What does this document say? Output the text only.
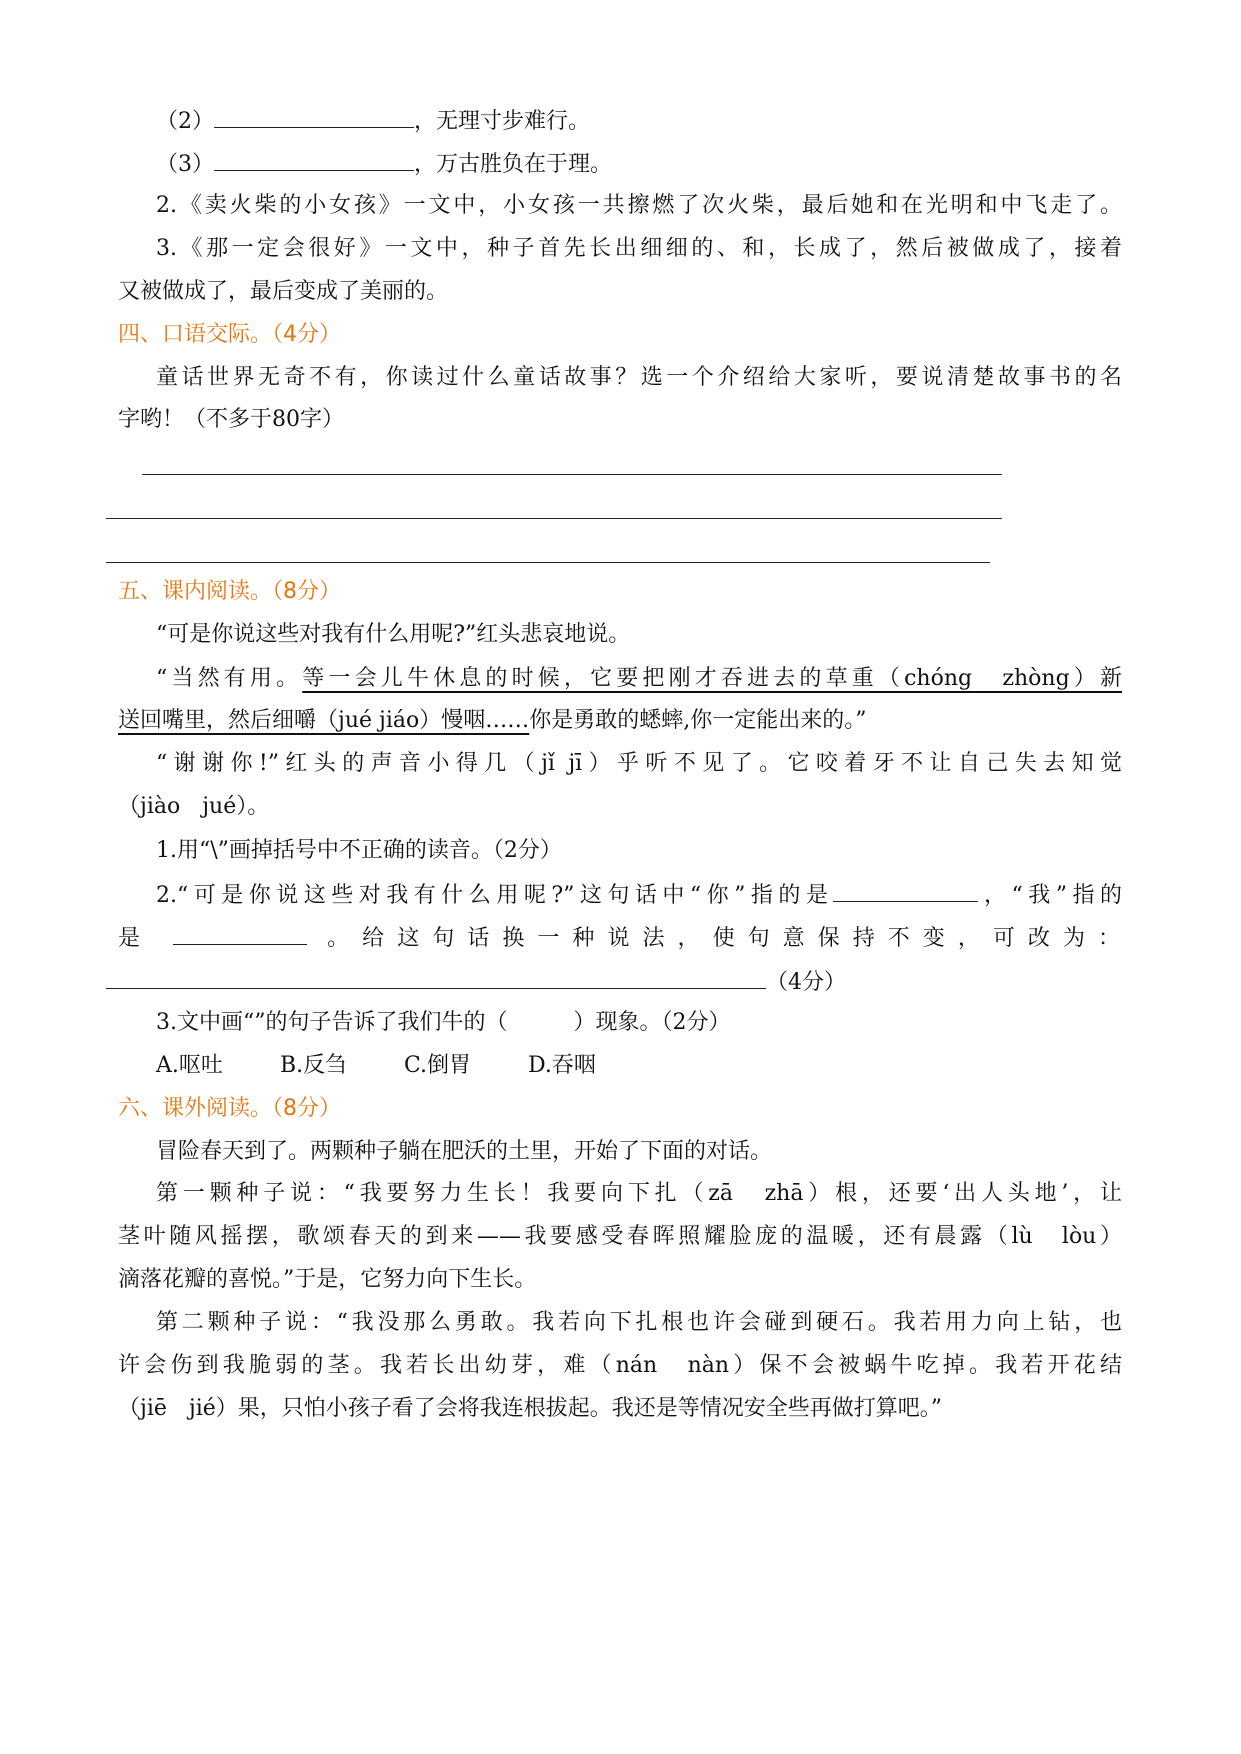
（2）	，无理寸步难行。
（3）	，万古胜负在于理。
2.《卖火柴的小女孩》一文中，小女孩一共擦燃了次火柴，最后她和在光明和中飞走了。
3.《那一定会很好》一文中，种子首先长出细细的、和，长成了，然后被做成了，接着
又被做成了，最后变成了美丽的。
四、口语交际。（4分）
童话世界无奇不有，你读过什么童话故事？选一个介绍给大家听，要说清楚故事书的名
字哟！（不多于80字）
五、课内阅读。（8分）
“可是你说这些对我有什么用呢?”红头悲哀地说。
“当然有用。等一会儿牛休息的时候，它要把刚才吞进去的草重（chóng　zhòng）新
送回嘴里，然后细嚼（jué jiáo）慢咽……你是勇敢的蟋蟀,你一定能出来的。”
“谢谢你!”红头的声音小得几（jǐ jī）乎听不见了。它咬着牙不让自己失去知觉
（jiào　jué）。
1.用“\”画掉括号中不正确的读音。（2分）
2.“可是你说这些对我有什么用呢?”这句话中“你”指的是	，“我”指的
是	。给这句话换一种说法，使句意保持不变，可改为：
（4分）
3.文中画“”的句子告诉了我们牛的（　　　）现象。（2分）
A.呕吐	B.反刍	C.倒胃	D.吞咽
六、课外阅读。（8分）
冒险春天到了。两颗种子躺在肥沃的土里，开始了下面的对话。
第一颗种子说：“我要努力生长！我要向下扎（zā　zhā）根，还要‘出人头地’，让
茎叶随风摇摆，歌颂春天的到来——我要感受春晖照耀脸庞的温暖，还有晨露（lù　lòu）
滴落花瓣的喜悦。”于是，它努力向下生长。
第二颗种子说：“我没那么勇敢。我若向下扎根也许会碰到硬石。我若用力向上钻，也
许会伤到我脆弱的茎。我若长出幼芽，难（nán　nàn）保不会被蜗牛吃掉。我若开花结
（jiē　jié）果，只怕小孩子看了会将我连根拔起。我还是等情况安全些再做打算吧。”
